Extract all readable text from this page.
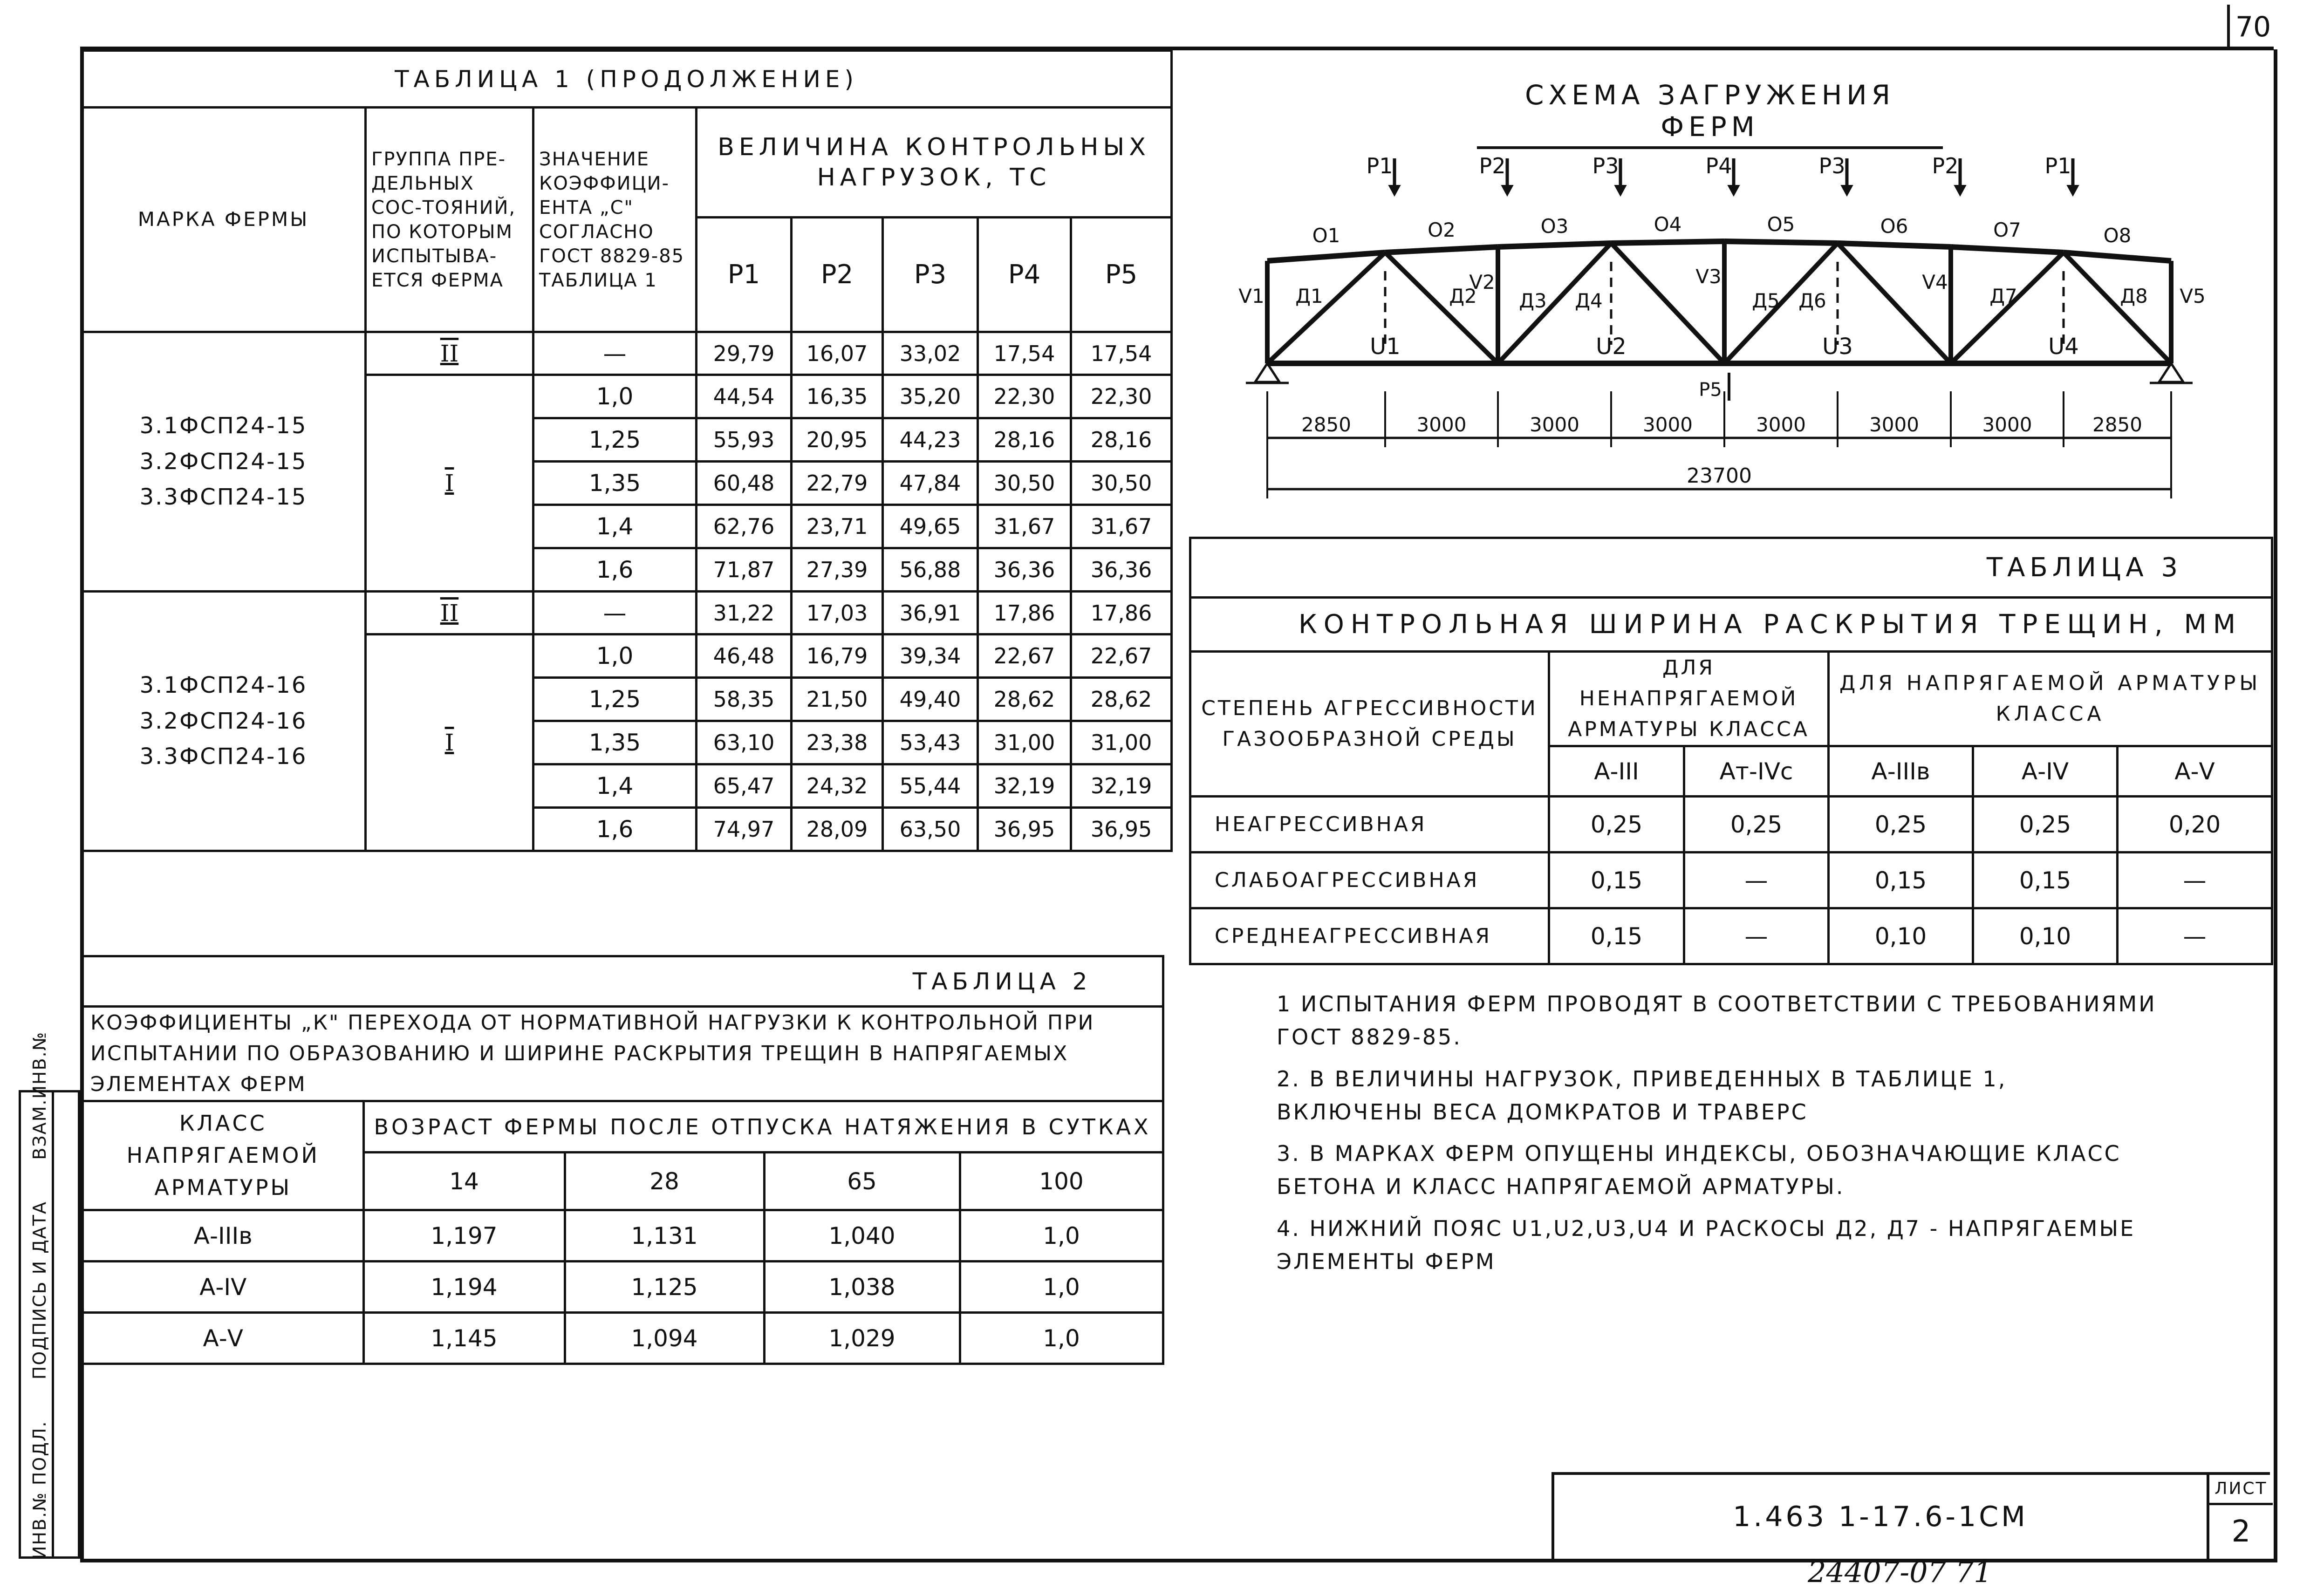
70
ИНВ.№ ПОДЛ.  ПОДПИСЬ И ДАТА  ВЗАМ.ИНВ.№
ТАБЛИЦА 1 (ПРОДОЛЖЕНИЕ)							
МАРКА ФЕРМЫ	ГРУППА ПРЕ-ДЕЛЬНЫХ СОС-ТОЯНИЙ, ПО КОТОРЫМ ИСПЫТЫВА-ЕТСЯ ФЕРМА	ЗНАЧЕНИЕ КОЭФФИЦИ-ЕНТА „С" СОГЛАСНО ГОСТ 8829-85 ТАБЛИЦА 1	ВЕЛИЧИНА КОНТРОЛЬНЫХ НАГРУЗОК, ТС				
			P1	P2	P3	P4	P5

3.1ФСП24-15
3.2ФСП24-15
3.3ФСП24-15	II	—	29,79	16,07	33,02	17,54	17,54
	I	1,0	44,54	16,35	35,20	22,30	22,30
		1,25	55,93	20,95	44,23	28,16	28,16
		1,35	60,48	22,79	47,84	30,50	30,50
		1,4	62,76	23,71	49,65	31,67	31,67
		1,6	71,87	27,39	56,88	36,36	36,36

3.1ФСП24-16
3.2ФСП24-16
3.3ФСП24-16	II	—	31,22	17,03	36,91	17,86	17,86
	I	1,0	46,48	16,79	39,34	22,67	22,67
		1,25	58,35	21,50	49,40	28,62	28,62
		1,35	63,10	23,38	53,43	31,00	31,00
		1,4	65,47	24,32	55,44	32,19	32,19
		1,6	74,97	28,09	63,50	36,95	36,95
ТАБЛИЦА 2				

КОЭФФИЦИЕНТЫ „К" ПЕРЕХОДА ОТ НОРМАТИВНОЙ НАГРУЗКИ К КОНТРОЛЬНОЙ ПРИ
ИСПЫТАНИИ ПО ОБРАЗОВАНИЮ И ШИРИНЕ РАСКРЫТИЯ ТРЕЩИН В НАПРЯГАЕМЫХ ЭЛЕМЕНТАХ ФЕРМ				

КЛАСС НАПРЯГАЕМОЙ АРМАТУРЫ	ВОЗРАСТ ФЕРМЫ ПОСЛЕ ОТПУСКА НАТЯЖЕНИЯ В СУТКАХ			
	14	28	65	100
А-IIIв	1,197	1,131	1,040	1,0
А-IV	1,194	1,125	1,038	1,0
А-V	1,145	1,094	1,029	1,0
СХЕМА ЗАГРУЖЕНИЯ ФЕРМ
P1	P2	P3	P4	P3	P2	P1
P5
O1	O2	O3	O4	O5	O6	O7	O8
V1
V2	V3	V4
V5
Д1	Д2 Д3 Д4	Д5 Д6	Д7	Д8
U1	U2	U3	U4
2850	3000	3000	3000	3000	3000	3000	2850
23700
ТАБЛИЦА 3					
КОНТРОЛЬНАЯ ШИРИНА РАСКРЫТИЯ ТРЕЩИН, ММ					
СТЕПЕНЬ АГРЕССИВНОСТИ ГАЗООБРАЗНОЙ СРЕДЫ	ДЛЯ НЕНАПРЯГАЕМОЙ АРМАТУРЫ КЛАССА		ДЛЯ НАПРЯГАЕМОЙ АРМАТУРЫ КЛАССА		
	А-III	Ат-IVс	А-IIIв	А-IV	А-V
НЕАГРЕССИВНАЯ	0,25	0,25	0,25	0,25	0,20
СЛАБОАГРЕССИВНАЯ	0,15	—	0,15	0,15	—
СРЕДНЕАГРЕССИВНАЯ	0,15	—	0,10	0,10	—

1 ИСПЫТАНИЯ ФЕРМ ПРОВОДЯТ В СООТВЕТСТВИИ С ТРЕБОВАНИЯМИ ГОСТ 8829-85.

2. В ВЕЛИЧИНЫ НАГРУЗОК, ПРИВЕДЕННЫХ В ТАБЛИЦЕ 1, ВКЛЮЧЕНЫ ВЕСА ДОМКРАТОВ И ТРАВЕРС

3. В МАРКАХ ФЕРМ ОПУЩЕНЫ ИНДЕКСЫ, ОБОЗНАЧАЮЩИЕ КЛАСС БЕТОНА И КЛАСС НАПРЯГАЕМОЙ АРМАТУРЫ.

4. НИЖНИЙ ПОЯС U1,U2,U3,U4 И РАСКОСЫ Д2, Д7 - НАПРЯГАЕМЫЕ ЭЛЕМЕНТЫ ФЕРМ

1.463 1-17.6-1СМ
ЛИСТ
2
24407-07 71
